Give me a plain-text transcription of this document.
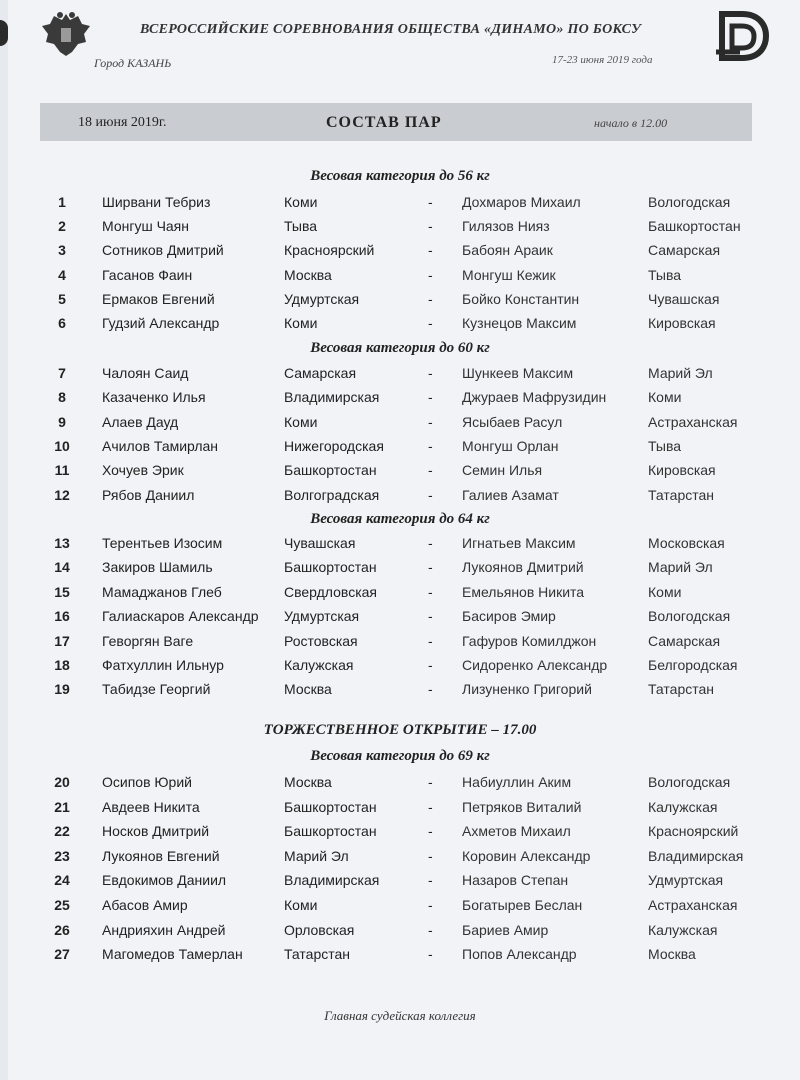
ВСЕРОССИЙСКИЕ СОРЕВНОВАНИЯ ОБЩЕСТВА «ДИНАМО» ПО БОКСУ
Город КАЗАНЬ	17-23 июня 2019 года
18 июня 2019г.	СОСТАВ ПАР	начало в 12.00
Весовая категория до 56 кг
1	Ширвани Тебриз	Коми	- Дохмаров Михаил	Вологодская
2	Монгуш Чаян	Тыва	- Гилязов Нияз	Башкортостан
3	Сотников Дмитрий	Красноярский	- Бабоян Араик	Самарская
4	Гасанов Фаин	Москва	- Монгуш Кежик	Тыва
5	Ермаков Евгений	Удмуртская	- Бойко Константин	Чувашская
6	Гудзий Александр	Коми	- Кузнецов Максим	Кировская
Весовая категория до 60 кг
7	Чалоян Саид	Самарская	- Шункеев Максим	Марий Эл
8	Казаченко Илья	Владимирская	- Джураев Мафрузидин	Коми
9	Алаев Дауд	Коми	- Ясыбаев Расул	Астраханская
10	Ачилов Тамирлан	Нижегородская	- Монгуш Орлан	Тыва
11	Хочуев Эрик	Башкортостан	- Семин Илья	Кировская
12	Рябов Даниил	Волгоградская	- Галиев Азамат	Татарстан
Весовая категория до 64 кг
13	Терентьев Изосим	Чувашская	- Игнатьев Максим	Московская
14	Закиров Шамиль	Башкортостан	- Лукоянов Дмитрий	Марий Эл
15	Мамаджанов Глеб	Свердловская	- Емельянов Никита	Коми
16	Галиаскаров Александр Удмуртская	- Басиров Эмир	Вологодская
17	Геворгян Ваге	Ростовская	- Гафуров Комилджон	Самарская
18	Фатхуллин Ильнур	Калужская	- Сидоренко Александр	Белгородская
19	Табидзе Георгий	Москва	- Лизуненко Григорий	Татарстан
Весовая категория до 69 кг
20	Осипов Юрий	Москва	- Набиуллин Аким	Вологодская
21	Авдеев Никита	Башкортостан	- Петряков Виталий	Калужская
22	Носков Дмитрий	Башкортостан	- Ахметов Михаил	Красноярский
23	Лукоянов Евгений	Марий Эл	- Коровин Александр	Владимирская
24	Евдокимов Даниил	Владимирская	- Назаров Степан	Удмуртская
25	Абасов Амир	Коми	- Богатырев Беслан	Астраханская
26	Андрияхин Андрей	Орловская	- Бариев Амир	Калужская
27	Магомедов Тамерлан	Татарстан	- Попов Александр	Москва
ТОРЖЕСТВЕННОЕ ОТКРЫТИЕ – 17.00
Главная судейская коллегия
